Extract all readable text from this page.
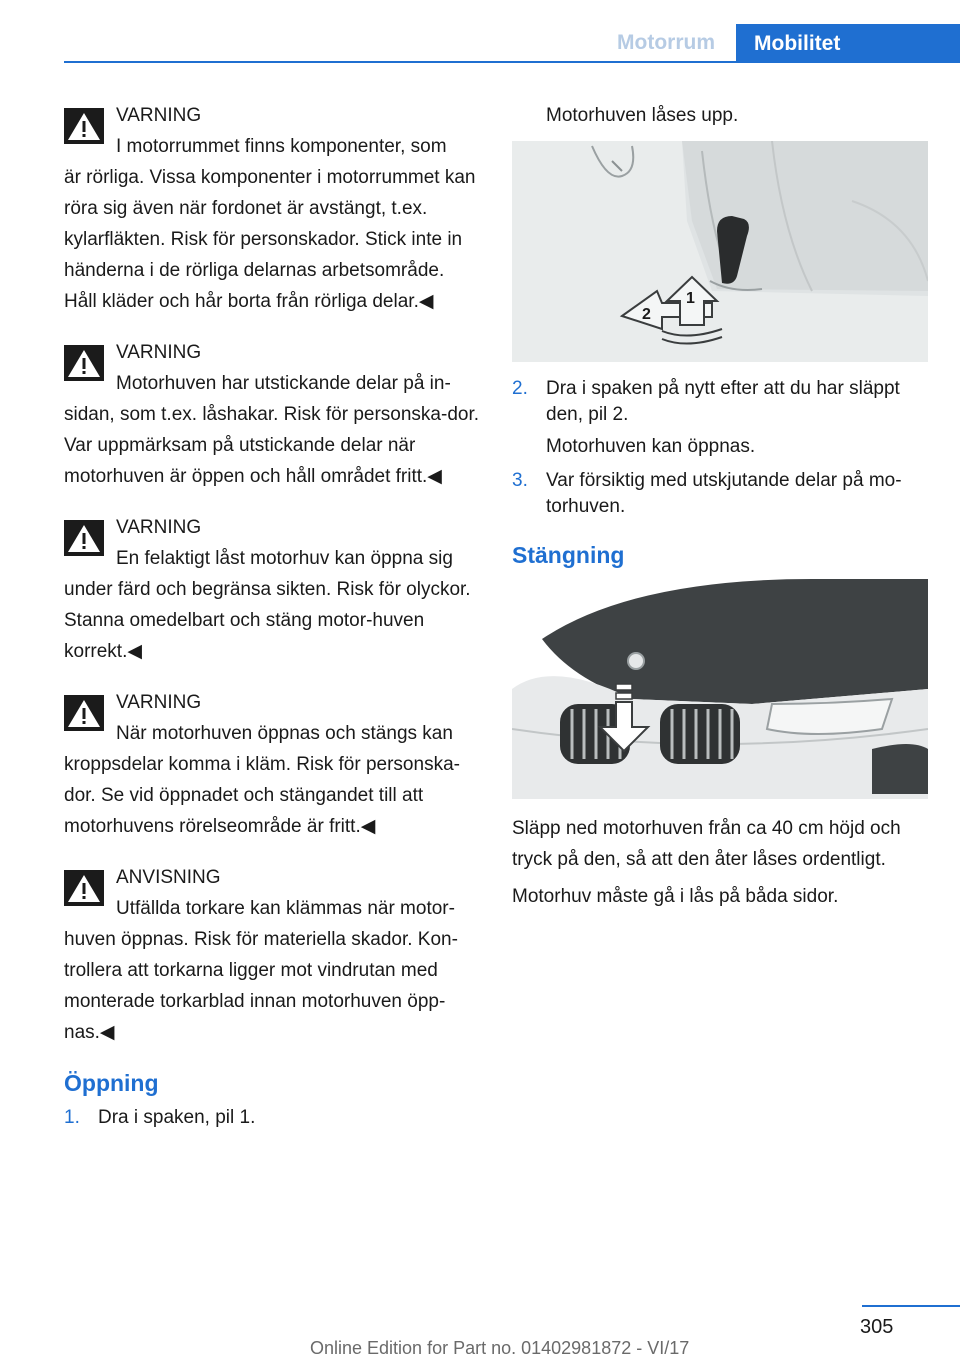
Motorrum	Mobilitet
VARNING
I motorrummet finns komponenter, som

är rörliga. Vissa komponenter i motorrummet kan röra sig även när fordonet är avstängt, t.ex. kylarfläkten. Risk för personskador. Stick inte in händerna i de rörliga delarnas arbetsområde. Håll kläder och hår borta från rörliga delar.◀

VARNING
Motorhuven har utstickande delar på in-

sidan, som t.ex. låshakar. Risk för personska-dor. Var uppmärksam på utstickande delar när motorhuven är öppen och håll området fritt.◀

VARNING
En felaktigt låst motorhuv kan öppna sig

under färd och begränsa sikten. Risk för olyckor. Stanna omedelbart och stäng motor-huven korrekt.◀

VARNING
När motorhuven öppnas och stängs kan

kroppsdelar komma i kläm. Risk för personska-dor. Se vid öppnadet och stängandet till att motorhuvens rörelseområde är fritt.◀

ANVISNING
Utfällda torkare kan klämmas när motor-

huven öppnas. Risk för materiella skador. Kon-trollera att torkarna ligger mot vindrutan med monterade torkarblad innan motorhuven öpp-nas.◀

Öppning
1. Dra i spaken, pil 1.

Motorhuven låses upp.

2
1
2. Dra i spaken på nytt efter att du har släppt den, pil 2.
Motorhuven kan öppnas.
3. Var försiktig med utskjutande delar på mo-torhuven.
Stängning

Släpp ned motorhuven från ca 40 cm höjd och tryck på den, så att den åter låses ordentligt.

Motorhuv måste gå i lås på båda sidor.

305
Online Edition for Part no. 01402981872 - VI/17
